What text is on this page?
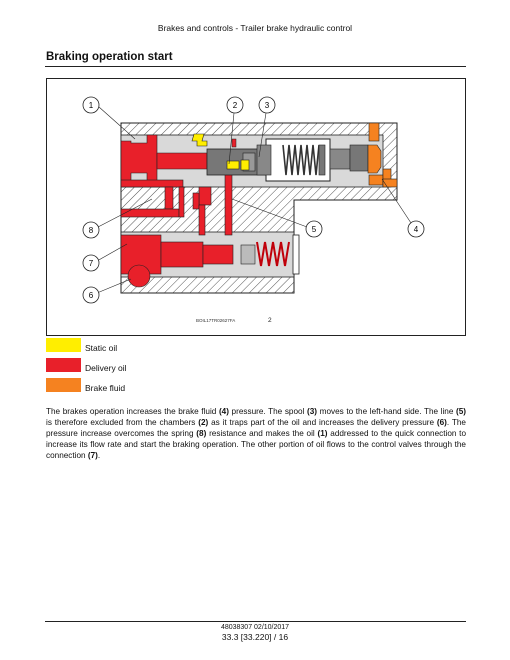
Brakes and controls - Trailer brake hydraulic control
Braking operation start
1	2	3
4
5
6
7
8
BOIL17TR02627FA	2
Static oil
Delivery oil
Brake fluid
The brakes operation increases the brake fluid (4) pressure. The spool (3) moves to the left-hand side. The line (5) is therefore excluded from the chambers (2) as it traps part of the oil and increases the delivery pressure (6). The pressure increase overcomes the spring (8) resistance and makes the oil (1) addressed to the quick connection to increase its flow rate and start the braking operation. The other portion of oil flows to the control valves through the connection (7).
48038307 02/10/2017
33.3 [33.220] / 16
